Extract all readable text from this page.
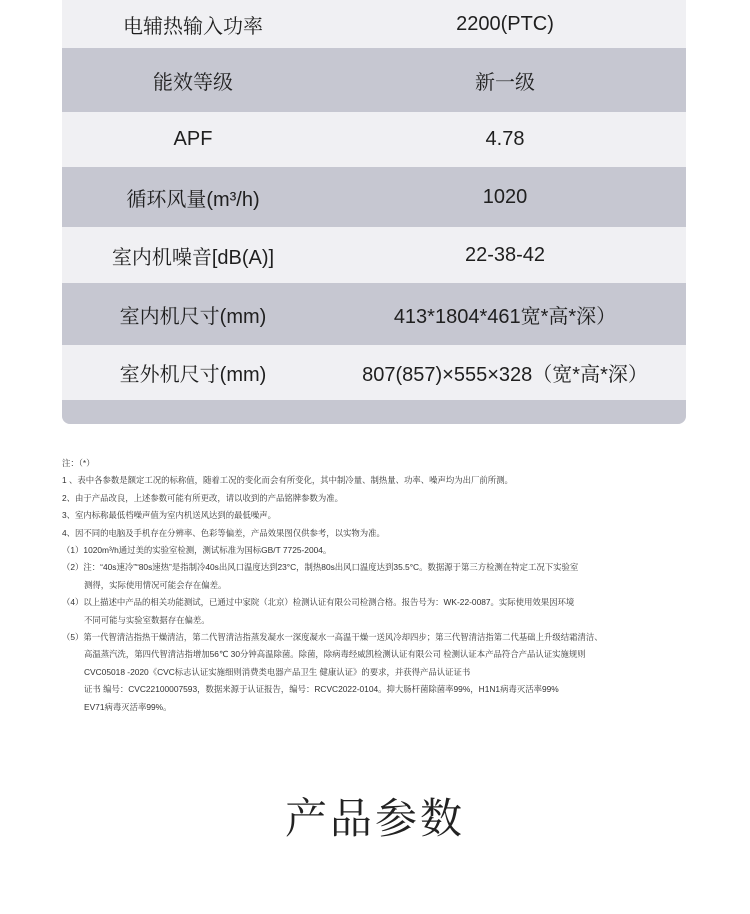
电辅热输入功率	2200(PTC)
能效等级	新一级
APF	4.78
循环风量(m³/h)	1020
室内机噪音[dB(A)]	22-38-42
室内机尺寸(mm)	413*1804*461宽*高*深）
室外机尺寸(mm)	807(857)×555×328（宽*高*深）
注：（*）
1 、表中各参数是额定工况的标称值，随着工况的变化而会有所变化，其中制冷量、制热量、功率、噪声均为出厂前所测。
2、由于产品改良，上述参数可能有所更改，请以收到的产品铭牌参数为准。
3、室内标称最低档噪声值为室内机送风达到的最低噪声。
4、因不同的电脑及手机存在分辨率、色彩等偏差，产品效果图仅供参考，以实物为准。
（1）1020m³/h通过美的实验室检测，测试标准为国标GB/T 7725-2004。
（2）注：“40s速冷”“80s速热”是指制冷40s出风口温度达到23°C，制热80s出风口温度达到35.5°C。数据源于第三方检测在特定工况下实验室
测得，实际使用情况可能会存在偏差。
（4）以上描述中产品的相关功能测试，已通过中家院（北京）检测认证有限公司检测合格。报告号为：WK-22-0087。实际使用效果因环境
不同可能与实验室数据存在偏差。
（5）第一代智清洁指热干燥清洁，第二代智清洁指蒸发凝水一深度凝水一高温干燥一送风冷却四步；第三代智清洁指第二代基础上升级结霜清洁、
高温蒸汽洗，第四代智清洁指增加56℃ 30分钟高温除菌。除菌，除病毒经威凯检测认证有限公司 检测认证本产品符合产品认证实施规则
CVC05018 -2020《CVC标志认证实施细则消费类电器产品卫生 健康认证》的要求，并获得产品认证证书
证书 编号：CVC22100007593，数据来源于认证报告，编号：RCVC2022-0104。抑大肠杆菌除菌率99%，H1N1病毒灭活率99%
EV71病毒灭活率99%。
产品参数
